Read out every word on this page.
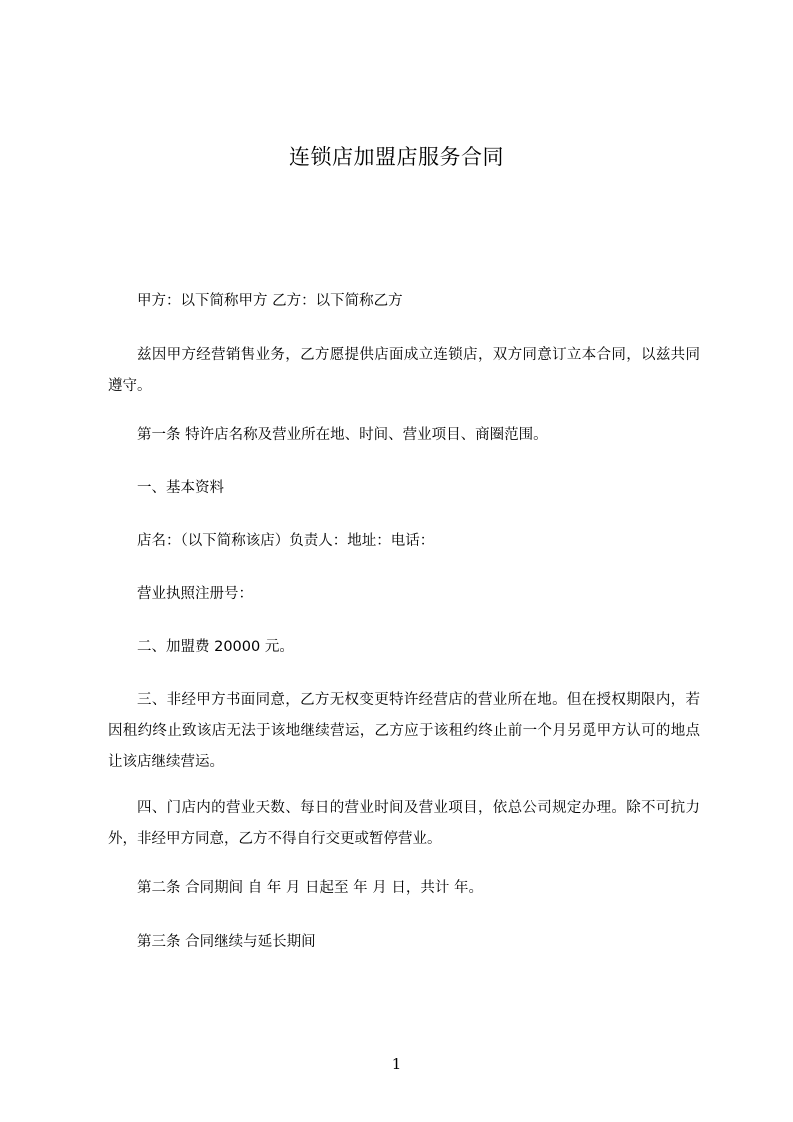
连锁店加盟店服务合同

甲方：以下简称甲方 乙方：以下简称乙方

兹因甲方经营销售业务，乙方愿提供店面成立连锁店，双方同意订立本合同，以兹共同遵守。

第一条 特许店名称及营业所在地、时间、营业项目、商圈范围。

一、基本资料

店名：（以下简称该店）负责人：地址：电话：

营业执照注册号：

二、加盟费 20000 元。

三、非经甲方书面同意，乙方无权变更特许经营店的营业所在地。但在授权期限内，若因租约终止致该店无法于该地继续营运，乙方应于该租约终止前一个月另觅甲方认可的地点让该店继续营运。

四、门店内的营业天数、每日的营业时间及营业项目，依总公司规定办理。除不可抗力外，非经甲方同意，乙方不得自行交更或暂停营业。

第二条 合同期间 自 年 月 日起至 年 月 日，共计 年。

第三条 合同继续与延长期间

1
